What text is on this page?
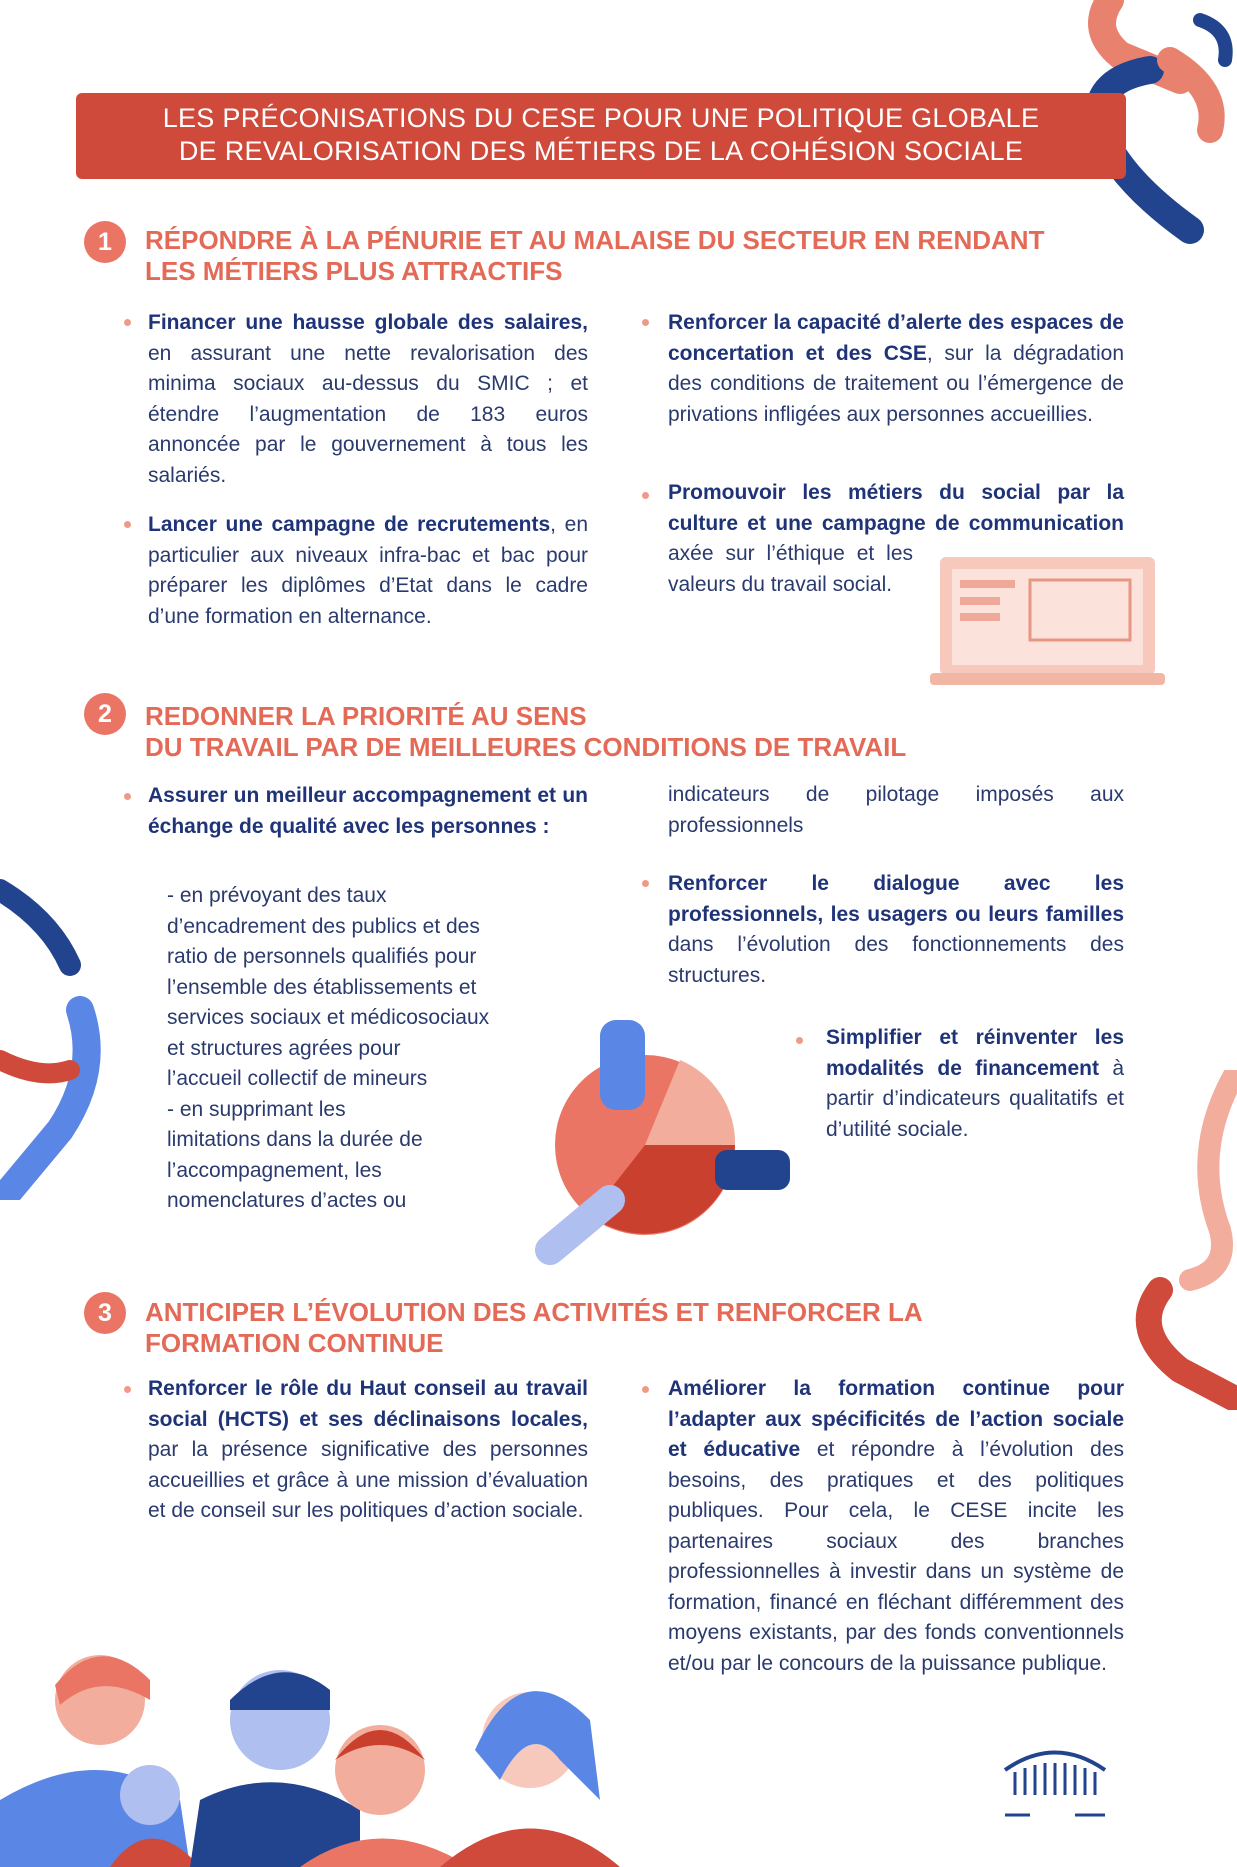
LES PRÉCONISATIONS DU CESE POUR UNE POLITIQUE GLOBALE
DE REVALORISATION DES MÉTIERS DE LA COHÉSION SOCIALE
1	RÉPONDRE À LA PÉNURIE ET AU MALAISE DU SECTEUR EN RENDANT
LES MÉTIERS PLUS ATTRACTIFS
Financer une hausse globale des salaires, en assurant une nette revalorisation des minima sociaux au-dessus du SMIC ; et étendre l’augmentation de 183 euros annoncée par le gouvernement à tous les salariés.
Lancer une campagne de recrutements, en particulier aux niveaux infra-bac et bac pour préparer les diplômes d’Etat dans le cadre d’une formation en alternance.
Renforcer la capacité d’alerte des espaces de concertation et des CSE, sur la dégradation des conditions de traitement ou l’émergence de privations infligées aux personnes accueillies.
Promouvoir les métiers du social par la culture et une campagne de communicationaxée sur l’éthique et les valeurs du travail social.
2	REDONNER LA PRIORITÉ AU SENS
DU TRAVAIL PAR DE MEILLEURES CONDITIONS DE TRAVAIL
Assurer un meilleur accompagnement et un échange de qualité avec les personnes :
- en prévoyant des taux
d’encadrement des publics et des
ratio de personnels qualifiés pour
l’ensemble des établissements et
services sociaux et médicosociaux
et structures agrées pour
l’accueil collectif de mineurs
- en supprimant les
limitations dans la durée de
l’accompagnement, les
nomenclatures d’actes ou
indicateurs de pilotage imposés aux professionnels
Renforcer le dialogue avec les professionnels, les usagers ou leurs familles dans l’évolution des fonctionnements des structures.
Simplifier et réinventer les modalités de financement à partir d’indicateurs qualitatifs et d’utilité sociale.
3	ANTICIPER L’ÉVOLUTION DES ACTIVITÉS ET RENFORCER LA
FORMATION CONTINUE
Renforcer le rôle du Haut conseil au travail social (HCTS) et ses déclinaisons locales, par la présence significative des personnes accueillies et grâce à une mission d’évaluation et de conseil sur les politiques d’action sociale.
Améliorer la formation continue pour l’adapter aux spécificités de l’action sociale et éducative et répondre à l’évolution des besoins, des pratiques et des politiques publiques. Pour cela, le CESE incite les partenaires sociaux des branches professionnelles à investir dans un système de formation, financé en fléchant différemment des moyens existants, par des fonds conventionnels et/ou par le concours de la puissance publique.
